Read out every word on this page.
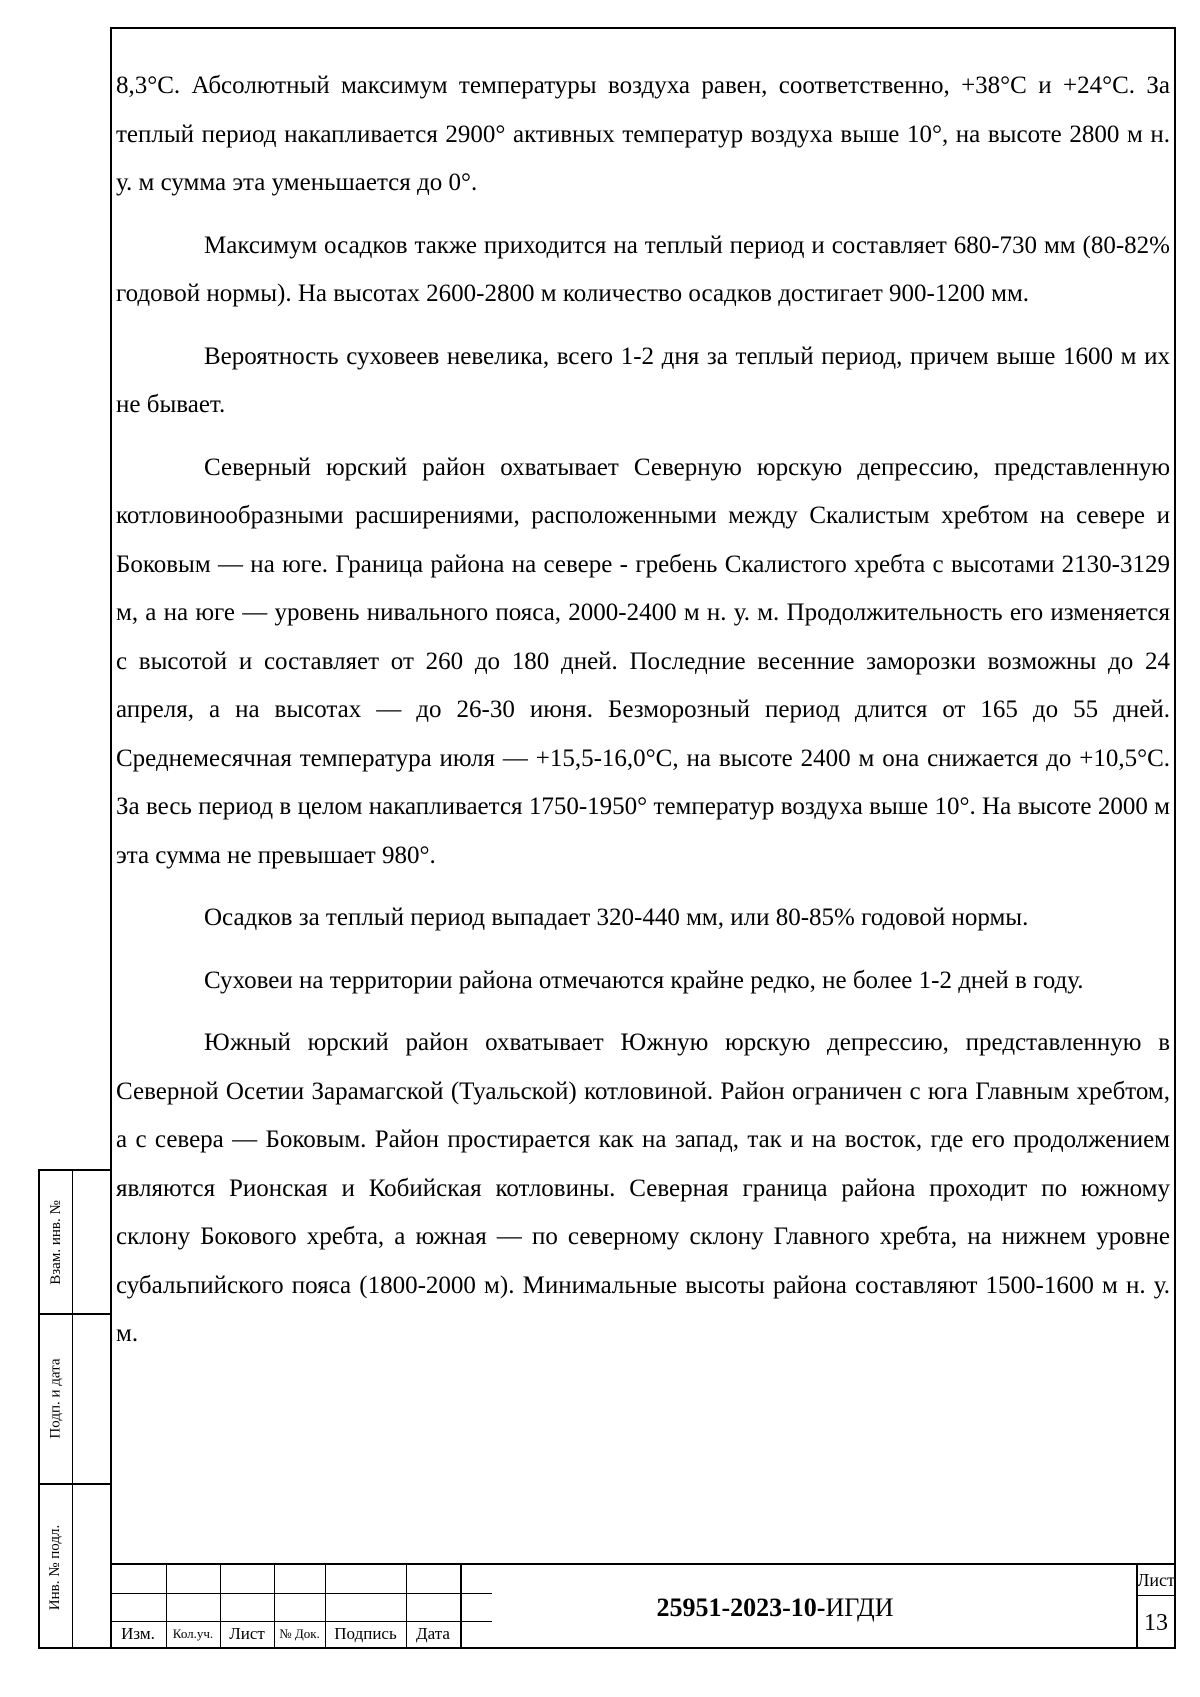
8,3°С. Абсолютный максимум температуры воздуха равен, соответственно, +38°С и +24°С. За теплый период накапливается 2900° активных температур воздуха выше 10°, на высоте 2800 м н. у. м сумма эта уменьшается до 0°.

Максимум осадков также приходится на теплый период и составляет 680-730 мм (80-82% годовой нормы). На высотах 2600-2800 м количество осадков достигает 900-1200 мм.

Вероятность суховеев невелика, всего 1-2 дня за теплый период, причем выше 1600 м их не бывает.

Северный юрский район охватывает Северную юрскую депрессию, представленную котловинообразными расширениями, расположенными между Скалистым хребтом на севере и Боковым — на юге. Граница района на севере - гребень Скалистого хребта с высотами 2130-3129 м, а на юге — уровень нивального пояса, 2000-2400 м н. у. м. Продолжительность его изменяется с высотой и составляет от 260 до 180 дней. Последние весенние заморозки возможны до 24 апреля, а на высотах — до 26-30 июня. Безморозный период длится от 165 до 55 дней. Среднемесячная температура июля — +15,5-16,0°С, на высоте 2400 м она снижается до +10,5°С. За весь период в целом накапливается 1750-1950° температур воздуха выше 10°. На высоте 2000 м эта сумма не превышает 980°.

Осадков за теплый период выпадает 320-440 мм, или 80-85% годовой нормы.

Суховеи на территории района отмечаются крайне редко, не более 1-2 дней в году.

Южный юрский район охватывает Южную юрскую депрессию, представленную в Северной Осетии Зарамагской (Туальской) котловиной. Район ограничен с юга Главным хребтом, а с севера — Боковым. Район простирается как на запад, так и на восток, где его продолжением являются Рионская и Кобийская котловины. Северная граница района проходит по южному склону Бокового хребта, а южная — по северному склону Главного хребта, на нижнем уровне субальпийского пояса (1800-2000 м). Минимальные высоты района составляют 1500-1600 м н. у. м.

Взам. инв. №
Подп. и дата
Инв. № подл.
Изм.	Кол.уч. Лист	№ Док. Подпись	Дата
25951-2023-10- ИГДИ
Лист
13
